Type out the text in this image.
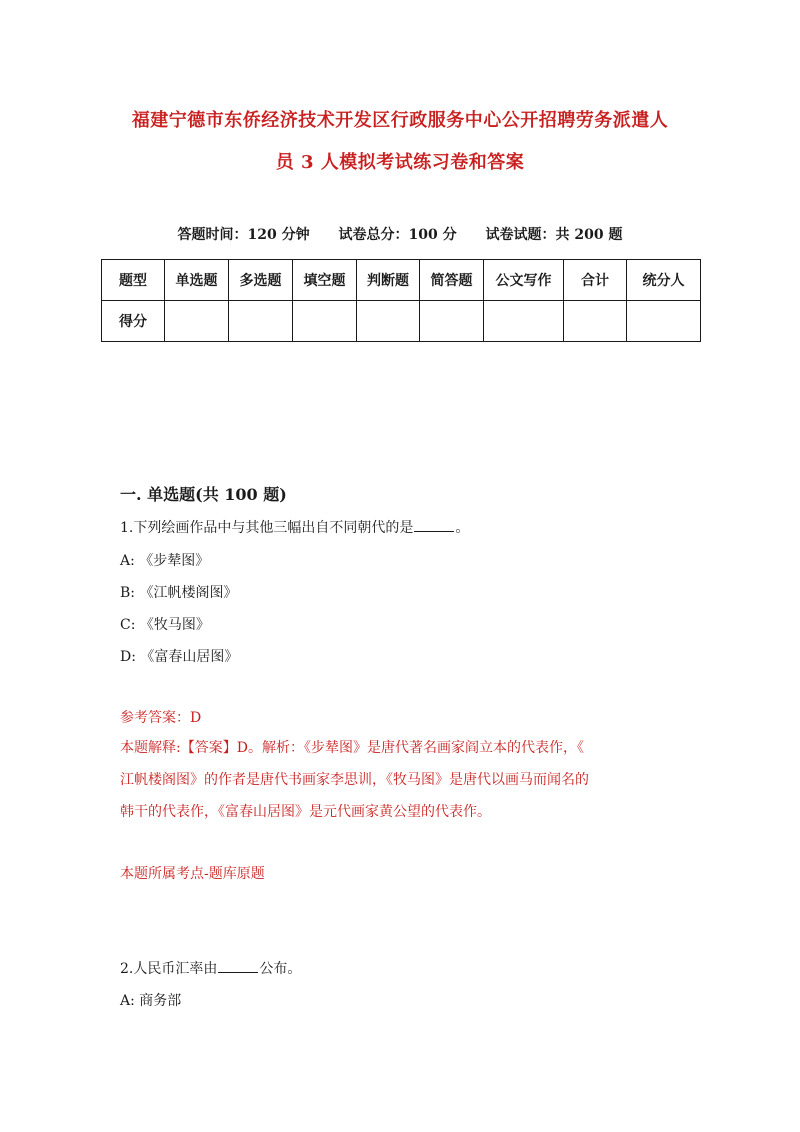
福建宁德市东侨经济技术开发区行政服务中心公开招聘劳务派遣人
员 3 人模拟考试练习卷和答案
答题时间：120 分钟 试卷总分：100 分 试卷试题：共 200 题
题型	单选题	多选题	填空题	判断题	简答题	公文写作	合计	统分人
得分								
一. 单选题(共 100 题)
1.下列绘画作品中与其他三幅出自不同朝代的是	。
A: 《步辇图》
B: 《江帆楼阁图》
C: 《牧马图》
D: 《富春山居图》
参考答案：D
本题解释:【答案】D。解析：《步辇图》是唐代著名画家阎立本的代表作，《
江帆楼阁图》的作者是唐代书画家李思训，《牧马图》是唐代以画马而闻名的
韩干的代表作，《富春山居图》是元代画家黄公望的代表作。
本题所属考点-题库原题
2.人民币汇率由	公布。
A: 商务部
